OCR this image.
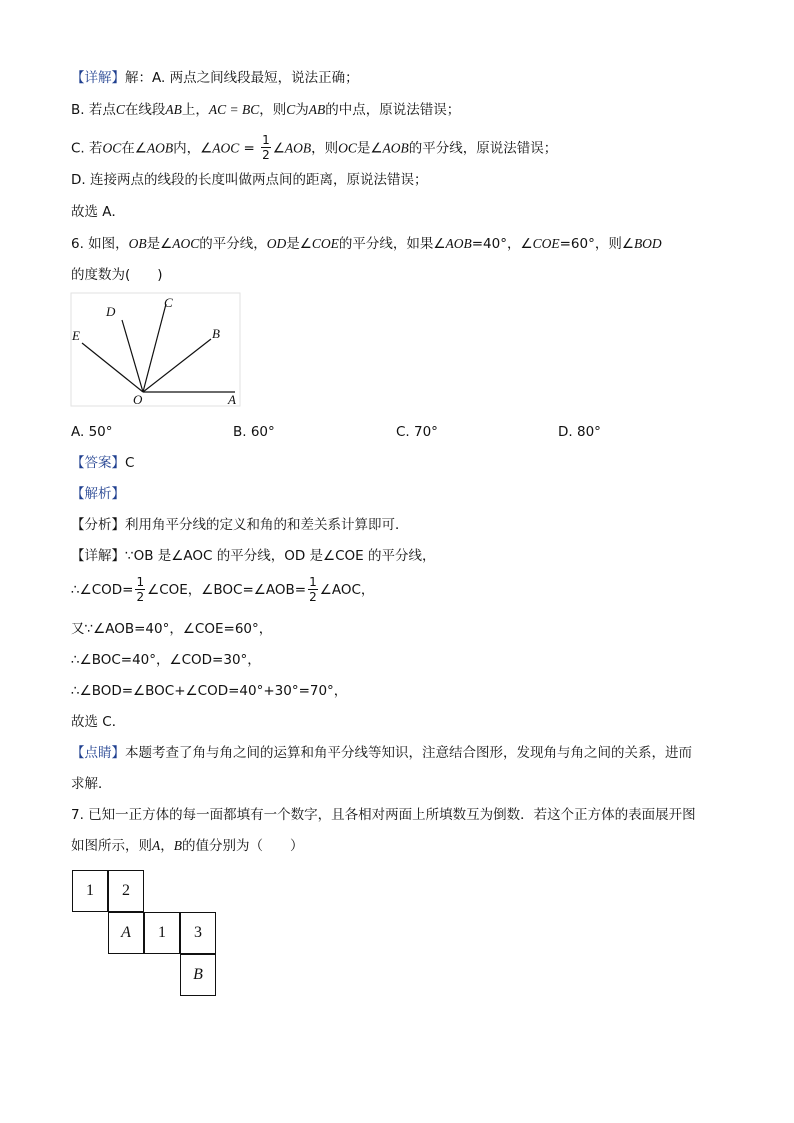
【详解】解：A. 两点之间线段最短，说法正确；
B. 若点C在线段AB上，AC = BC，则C为AB的中点，原说法错误；
C. 若OC在∠AOB内，∠AOC = $\frac{1}{2}$ ∠AOB，则OC是∠AOB的平分线，原说法错误；
D. 连接两点的线段的长度叫做两点间的距离，原说法错误；
故选 A．
6. 如图，OB是∠AOC的平分线，OD是∠COE的平分线，如果∠AOB=40°，∠COE=60°，则∠BOD
的度数为(　　)
D
C
E	B
O	A
A. 50°	B. 60°	C. 70°	D. 80°
【答案】C
【解析】
【分析】利用角平分线的定义和角的和差关系计算即可．
【详解】∵OB 是∠AOC 的平分线，OD 是∠COE 的平分线，
∴∠COD= $\frac{1}{2}$ ∠COE，∠BOC=∠AOB= $\frac{1}{2}$ ∠AOC，
又∵∠AOB=40°，∠COE=60°，
∴∠BOC=40°，∠COD=30°，
∴∠BOD=∠BOC+∠COD=40°+30°=70°，
故选 C．
【点睛】本题考查了角与角之间的运算和角平分线等知识，注意结合图形，发现角与角之间的关系，进而
求解．
7. 已知一正方体的每一面都填有一个数字，且各相对两面上所填数互为倒数．若这个正方体的表面展开图
如图所示，则A，B的值分别为（　　）
1	2
A	1	3
B
